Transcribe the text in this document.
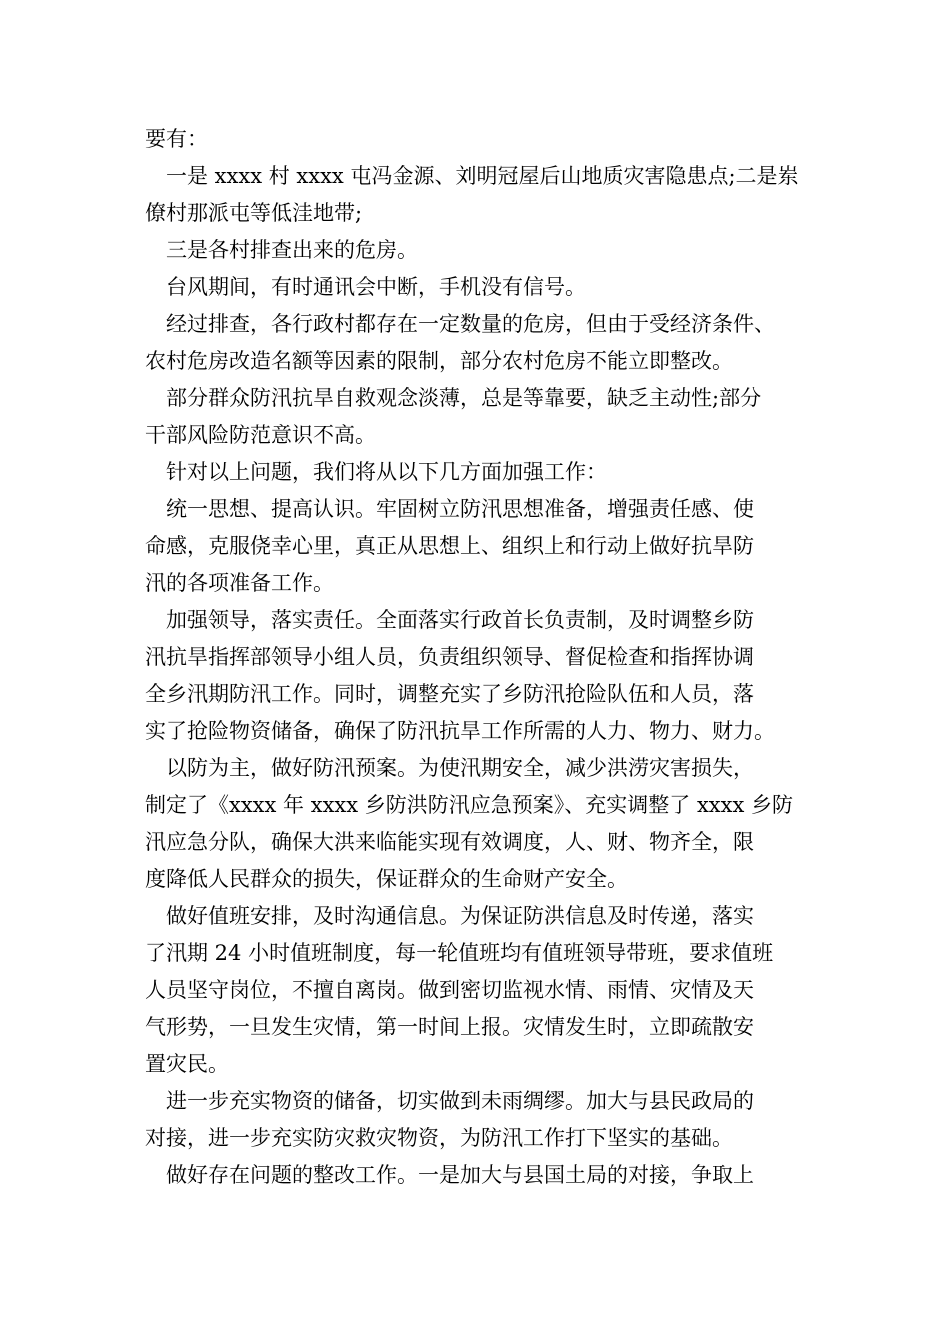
要有：
一是 xxxx 村 xxxx 屯冯金源、刘明冠屋后山地质灾害隐患点;二是岽
僚村那派屯等低洼地带;
三是各村排查出来的危房。
台风期间，有时通讯会中断，手机没有信号。
经过排查，各行政村都存在一定数量的危房，但由于受经济条件、
农村危房改造名额等因素的限制，部分农村危房不能立即整改。
部分群众防汛抗旱自救观念淡薄，总是等靠要，缺乏主动性;部分
干部风险防范意识不高。
针对以上问题，我们将从以下几方面加强工作：
统一思想、提高认识。牢固树立防汛思想准备，增强责任感、使
命感，克服侥幸心里，真正从思想上、组织上和行动上做好抗旱防
汛的各项准备工作。
加强领导，落实责任。全面落实行政首长负责制，及时调整乡防
汛抗旱指挥部领导小组人员，负责组织领导、督促检查和指挥协调
全乡汛期防汛工作。同时，调整充实了乡防汛抢险队伍和人员，落
实了抢险物资储备，确保了防汛抗旱工作所需的人力、物力、财力。
以防为主，做好防汛预案。为使汛期安全，减少洪涝灾害损失，
制定了《xxxx 年 xxxx 乡防洪防汛应急预案》、充实调整了 xxxx 乡防
汛应急分队，确保大洪来临能实现有效调度，人、财、物齐全，限
度降低人民群众的损失，保证群众的生命财产安全。
做好值班安排，及时沟通信息。为保证防洪信息及时传递，落实
了汛期 24 小时值班制度，每一轮值班均有值班领导带班，要求值班
人员坚守岗位，不擅自离岗。做到密切监视水情、雨情、灾情及天
气形势，一旦发生灾情，第一时间上报。灾情发生时，立即疏散安
置灾民。
进一步充实物资的储备，切实做到未雨绸缪。加大与县民政局的
对接，进一步充实防灾救灾物资，为防汛工作打下坚实的基础。
做好存在问题的整改工作。一是加大与县国土局的对接，争取上
